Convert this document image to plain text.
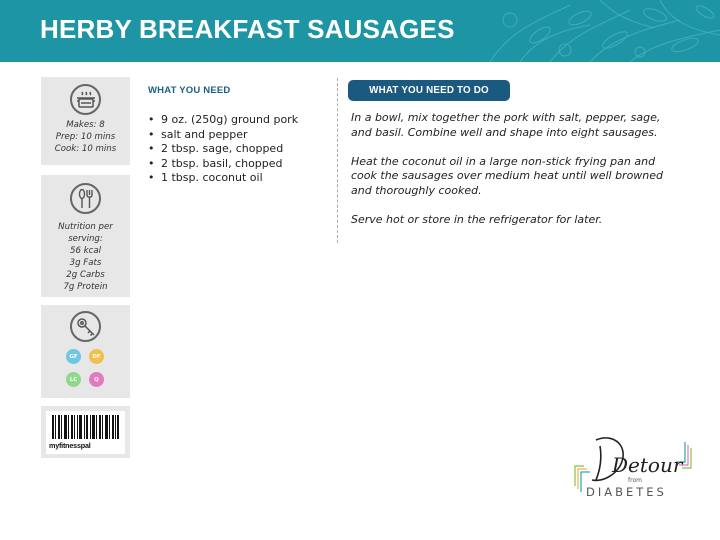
HERBY BREAKFAST SAUSAGES
Makes: 8
Prep: 10 mins
Cook: 10 mins
Nutrition per
serving:
56 kcal
3g Fats
2g Carbs
7g Protein
GF	DF
LC	Q
myfitnesspal
WHAT YOU NEED
• 9 oz. (250g) ground pork
• salt and pepper
• 2 tbsp. sage, chopped
• 2 tbsp. basil, chopped
• 1 tbsp. coconut oil
WHAT YOU NEED TO DO

In a bowl, mix together the pork with salt, pepper, sage, and basil. Combine well and shape into eight sausages.

Heat the coconut oil in a large non-stick frying pan and cook the sausages over medium heat until well browned and thoroughly cooked.

Serve hot or store in the refrigerator for later.

Detour
from
DIABETES
